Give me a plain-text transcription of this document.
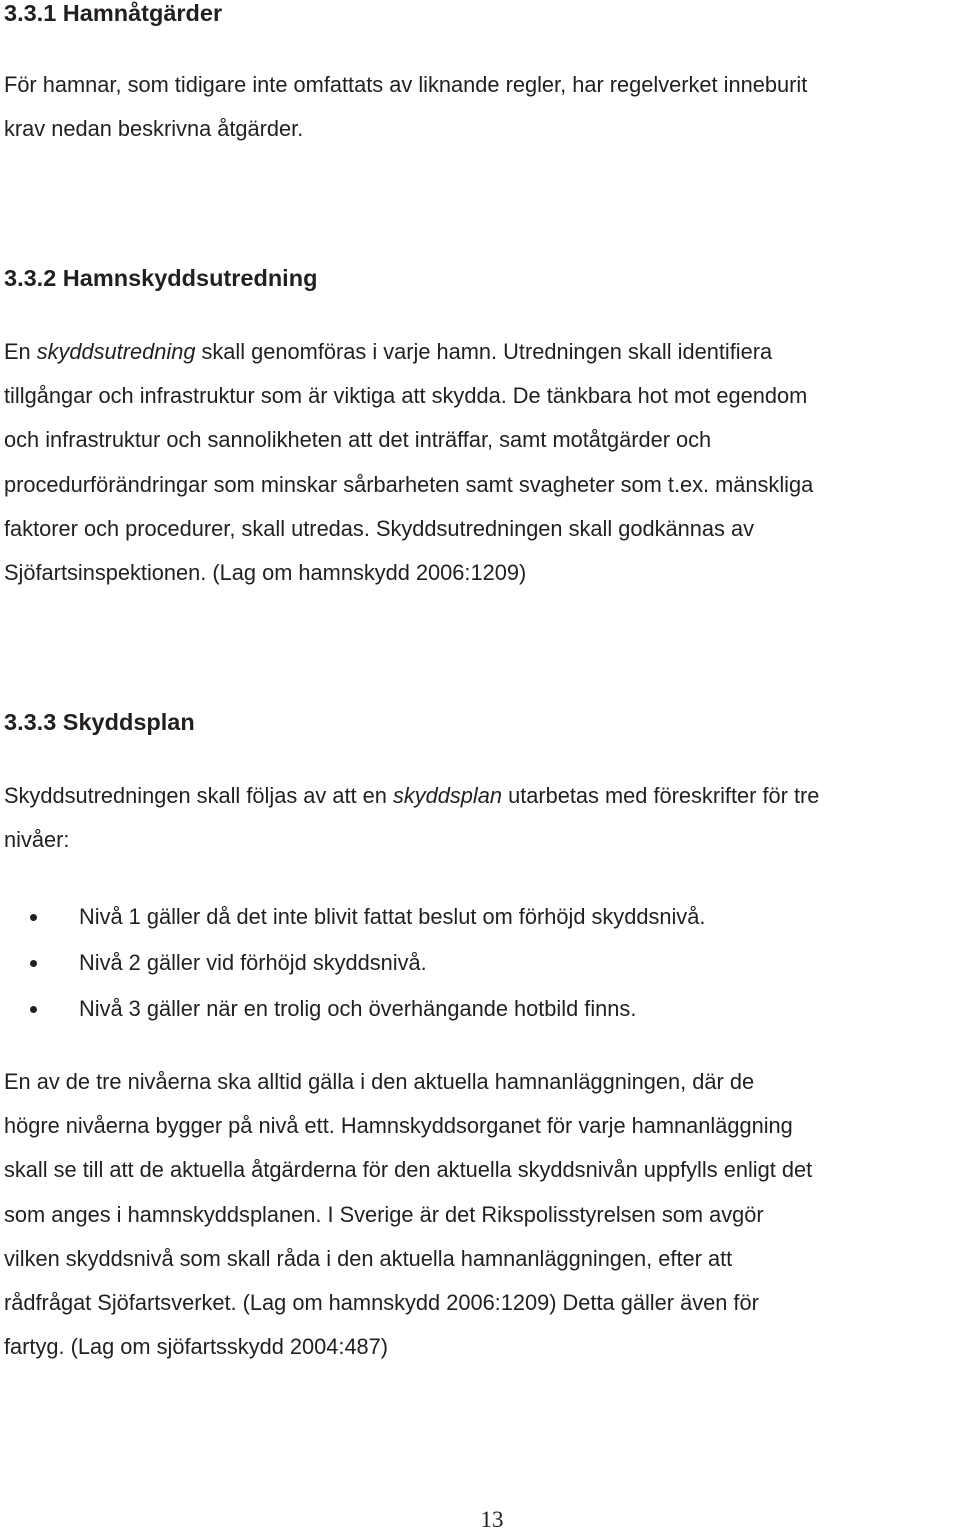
3.3.1 Hamnåtgärder

För hamnar, som tidigare inte omfattats av liknande regler, har regelverket inneburit
krav nedan beskrivna åtgärder.

3.3.2 Hamnskyddsutredning

En skyddsutredning skall genomföras i varje hamn. Utredningen skall identifiera
tillgångar och infrastruktur som är viktiga att skydda. De tänkbara hot mot egendom
och infrastruktur och sannolikheten att det inträffar, samt motåtgärder och
procedurförändringar som minskar sårbarheten samt svagheter som t.ex. mänskliga
faktorer och procedurer, skall utredas. Skyddsutredningen skall godkännas av
Sjöfartsinspektionen. (Lag om hamnskydd 2006:1209)

3.3.3 Skyddsplan

Skyddsutredningen skall följas av att en skyddsplan utarbetas med föreskrifter för tre
nivåer:

Nivå 1 gäller då det inte blivit fattat beslut om förhöjd skyddsnivå.
Nivå 2 gäller vid förhöjd skyddsnivå.
Nivå 3 gäller när en trolig och överhängande hotbild finns.

En av de tre nivåerna ska alltid gälla i den aktuella hamnanläggningen, där de
högre nivåerna bygger på nivå ett. Hamnskyddsorganet för varje hamnanläggning
skall se till att de aktuella åtgärderna för den aktuella skyddsnivån uppfylls enligt det
som anges i hamnskyddsplanen. I Sverige är det Rikspolisstyrelsen som avgör
vilken skyddsnivå som skall råda i den aktuella hamnanläggningen, efter att
rådfrågat Sjöfartsverket. (Lag om hamnskydd 2006:1209) Detta gäller även för
fartyg. (Lag om sjöfartsskydd 2004:487)

13
